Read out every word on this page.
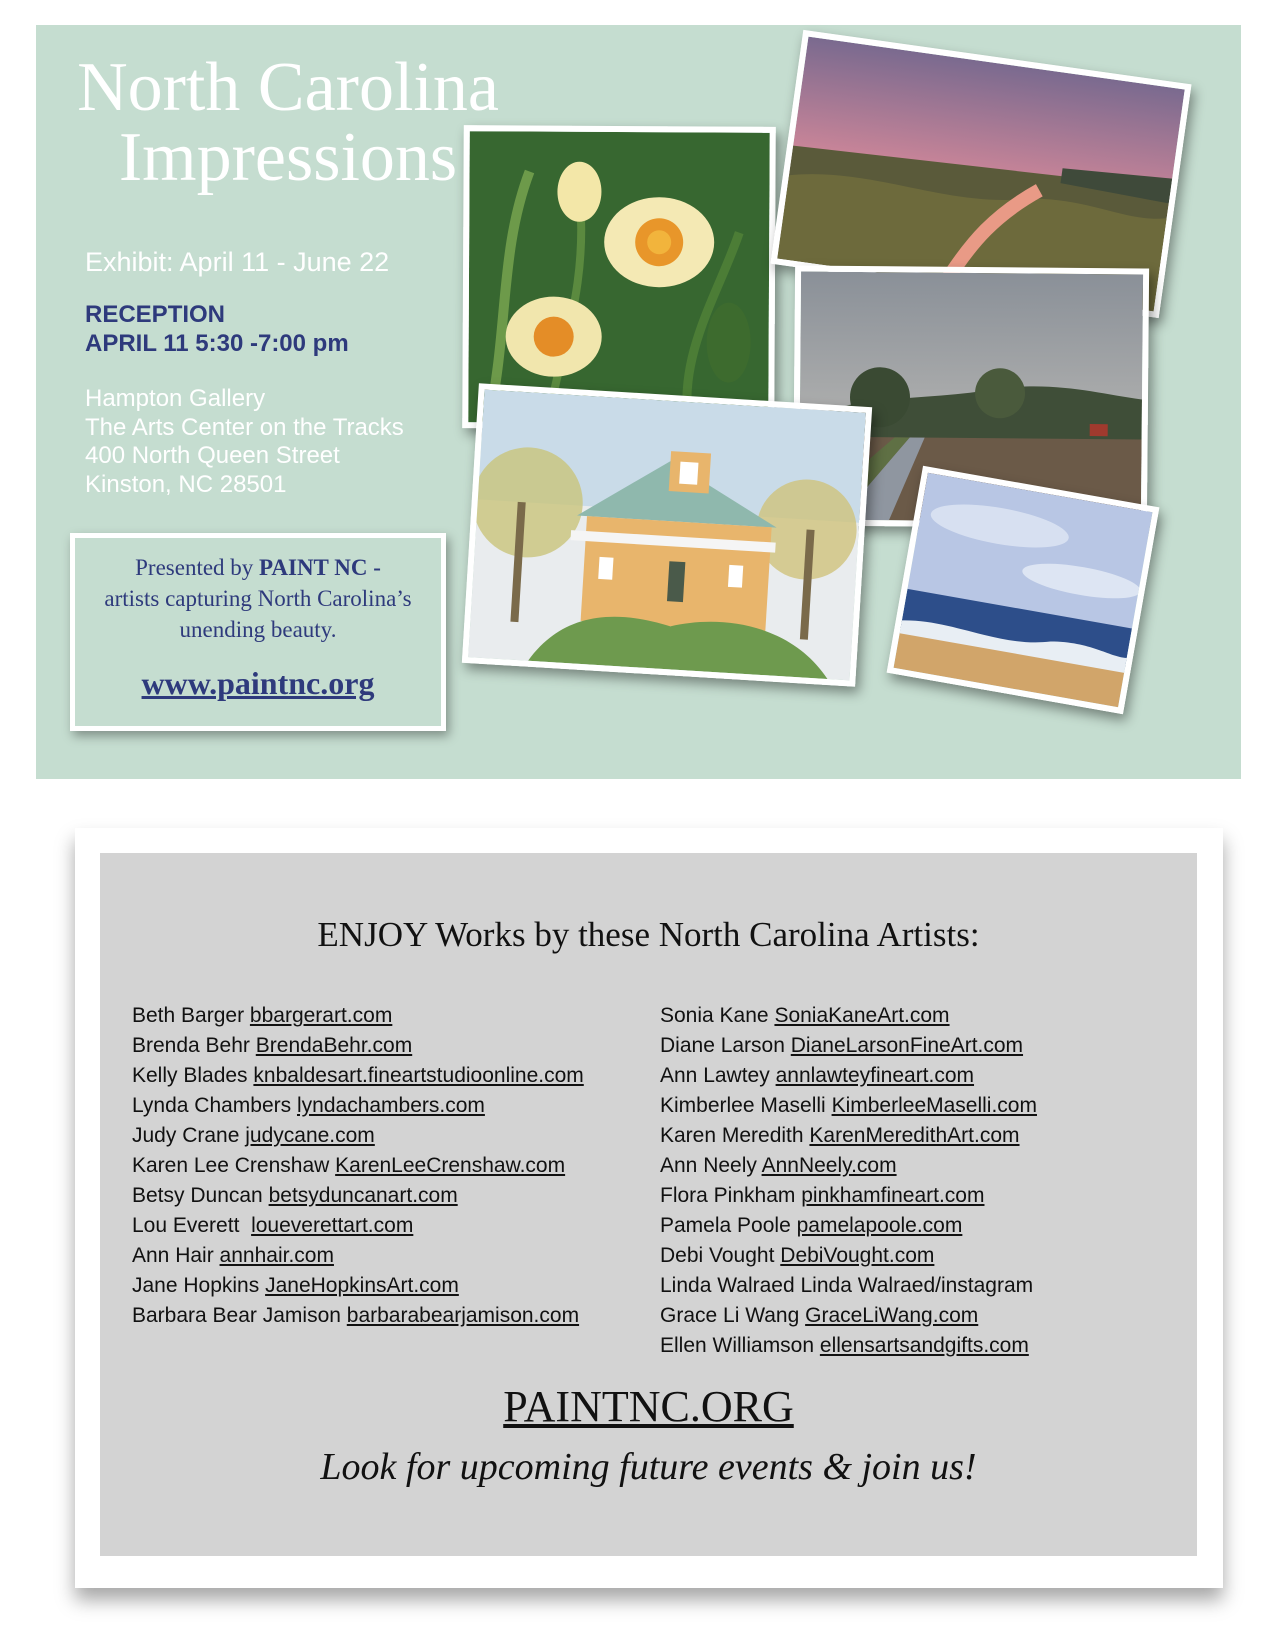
North Carolina
Impressions
Exhibit: April 11 - June 22
RECEPTION
APRIL 11 5:30 -7:00 pm
Hampton Gallery
The Arts Center on the Tracks
400 North Queen Street
Kinston, NC 28501
Presented by PAINT NC -
artists capturing North Carolina’s
unending beauty.
www.paintnc.org
ENJOY Works by these North Carolina Artists:
Beth Barger bbargerart.com
Brenda Behr BrendaBehr.com
Kelly Blades knbaldesart.fineartstudioonline.com
Lynda Chambers lyndachambers.com
Judy Crane judycane.com
Karen Lee Crenshaw KarenLeeCrenshaw.com
Betsy Duncan betsyduncanart.com
Lou Everett loueverettart.com
Ann Hair annhair.com
Jane Hopkins JaneHopkinsArt.com
Barbara Bear Jamison barbarabearjamison.com
Sonia Kane SoniaKaneArt.com
Diane Larson DianeLarsonFineArt.com
Ann Lawtey annlawteyfineart.com
Kimberlee Maselli KimberleeMaselli.com
Karen Meredith KarenMeredithArt.com
Ann Neely AnnNeely.com
Flora Pinkham pinkhamfineart.com
Pamela Poole pamelapoole.com
Debi Vought DebiVought.com
Linda Walraed Linda Walraed/instagram
Grace Li Wang GraceLiWang.com
Ellen Williamson ellensartsandgifts.com
PAINTNC.ORG
Look for upcoming future events & join us!
